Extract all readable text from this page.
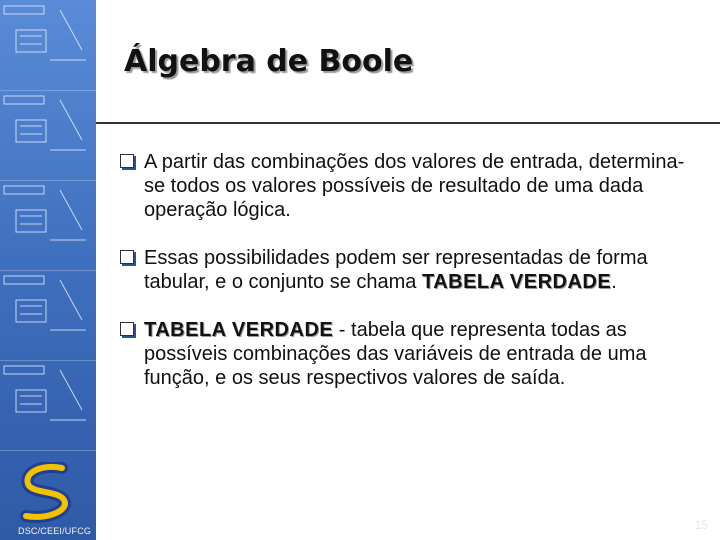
DSC/CEEI/UFCG
Álgebra de Boole
A partir das combinações dos valores de entrada, determina-se todos os valores possíveis de resultado de uma dada operação lógica.
Essas possibilidades podem ser representadas de forma tabular, e o conjunto se chama TABELA VERDADE.
TABELA VERDADE - tabela que representa todas as possíveis combinações das variáveis de entrada de uma função, e os seus respectivos valores de saída.
15
